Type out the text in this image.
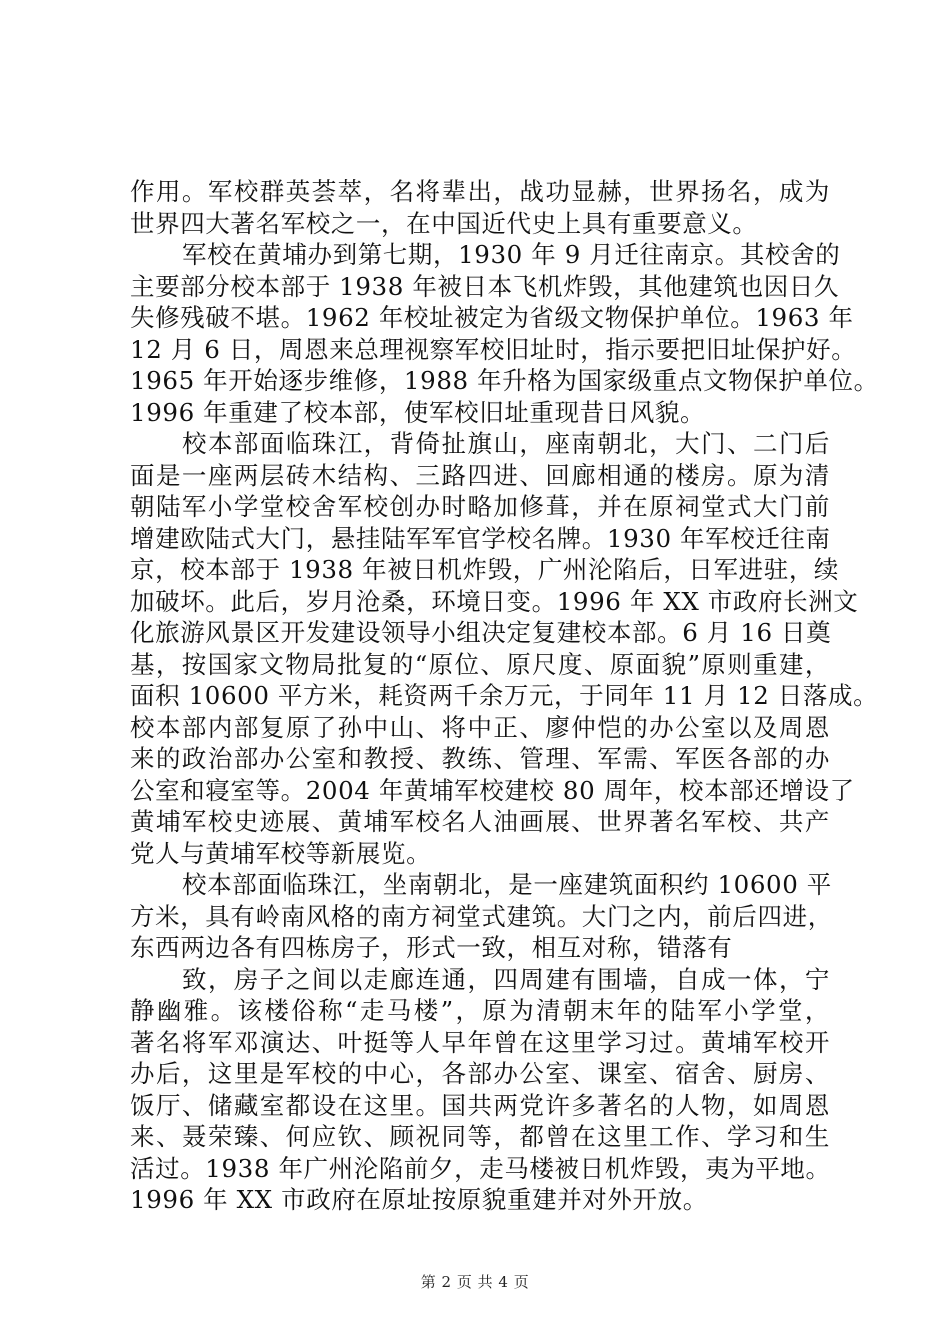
作用。军校群英荟萃，名将辈出，战功显赫，世界扬名，成为
世界四大著名军校之一，在中国近代史上具有重要意义。
军校在黄埔办到第七期，1930 年 9 月迁往南京。其校舍的
主要部分校本部于 1938 年被日本飞机炸毁，其他建筑也因日久
失修残破不堪。1962 年校址被定为省级文物保护单位。1963 年
12 月 6 日，周恩来总理视察军校旧址时，指示要把旧址保护好。
1965 年开始逐步维修，1988 年升格为国家级重点文物保护单位。
1996 年重建了校本部，使军校旧址重现昔日风貌。
校本部面临珠江，背倚扯旗山，座南朝北，大门、二门后
面是一座两层砖木结构、三路四进、回廊相通的楼房。原为清
朝陆军小学堂校舍军校创办时略加修葺，并在原祠堂式大门前
增建欧陆式大门，悬挂陆军军官学校名牌。1930 年军校迁往南
京，校本部于 1938 年被日机炸毁，广州沦陷后，日军进驻，续
加破坏。此后，岁月沧桑，环境日变。1996 年 XX 市政府长洲文
化旅游风景区开发建设领导小组决定复建校本部。6 月 16 日奠
基，按国家文物局批复的“原位、原尺度、原面貌”原则重建，
面积 10600 平方米，耗资两千余万元，于同年 11 月 12 日落成。
校本部内部复原了孙中山、将中正、廖仲恺的办公室以及周恩
来的政治部办公室和教授、教练、管理、军需、军医各部的办
公室和寝室等。2004 年黄埔军校建校 80 周年，校本部还增设了
黄埔军校史迹展、黄埔军校名人油画展、世界著名军校、共产
党人与黄埔军校等新展览。
校本部面临珠江，坐南朝北，是一座建筑面积约 10600 平
方米，具有岭南风格的南方祠堂式建筑。大门之内，前后四进，
东西两边各有四栋房子，形式一致，相互对称，错落有
致，房子之间以走廊连通，四周建有围墙，自成一体，宁
静幽雅。该楼俗称“走马楼”，原为清朝末年的陆军小学堂，
著名将军邓演达、叶挺等人早年曾在这里学习过。黄埔军校开
办后，这里是军校的中心，各部办公室、课室、宿舍、厨房、
饭厅、储藏室都设在这里。国共两党许多著名的人物，如周恩
来、聂荣臻、何应钦、顾祝同等，都曾在这里工作、学习和生
活过。1938 年广州沦陷前夕，走马楼被日机炸毁，夷为平地。
1996 年 XX 市政府在原址按原貌重建并对外开放。
第 2 页 共 4 页
